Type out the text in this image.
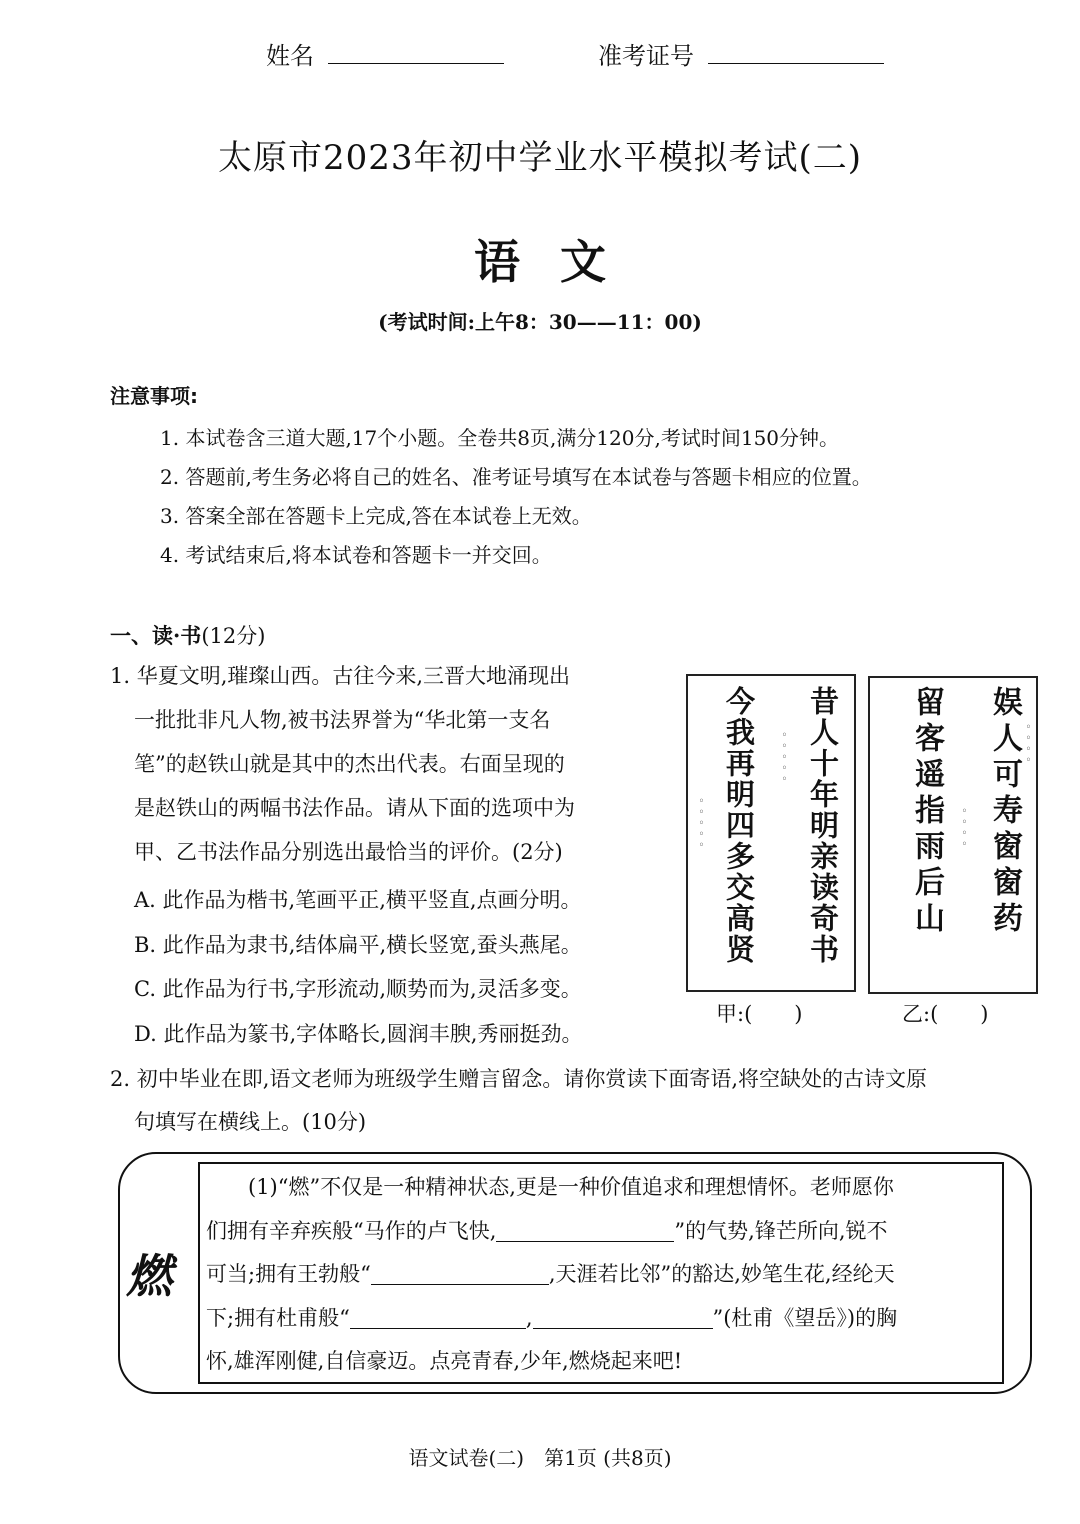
姓名	准考证号
太原市2023年初中学业水平模拟考试(二)
语文
(考试时间:上午8：30——11：00)
注意事项:
1. 本试卷含三道大题,17个小题。全卷共8页,满分120分,考试时间150分钟。
2. 答题前,考生务必将自己的姓名、准考证号填写在本试卷与答题卡相应的位置。
3. 答案全部在答题卡上完成,答在本试卷上无效。
4. 考试结束后,将本试卷和答题卡一并交回。
一、读·书(12分)

1. 华夏文明,璀璨山西。古往今来,三晋大地涌现出

一批批非凡人物,被书法界誉为“华北第一支名

笔”的赵铁山就是其中的杰出代表。右面呈现的

是赵铁山的两幅书法作品。请从下面的选项中为

甲、乙书法作品分别选出最恰当的评价。(2分)

A. 此作品为楷书,笔画平正,横平竖直,点画分明。
B. 此作品为隶书,结体扁平,横长竖宽,蚕头燕尾。
C. 此作品为行书,字形流动,顺势而为,灵活多变。
D. 此作品为篆书,字体略长,圆润丰腴,秀丽挺劲。
昔人十年明亲读奇书
今我再明四多交高贤 ◦◦◦◦◦
◦◦◦◦◦
甲:(　　)
娱人可寿窗窗药
留客遥指雨后山	◦◦◦◦
◦◦◦◦
乙:(　　)

2. 初中毕业在即,语文老师为班级学生赠言留念。请你赏读下面寄语,将空缺处的古诗文原

句填写在横线上。(10分)

燃

(1)“燃”不仅是一种精神状态,更是一种价值追求和理想情怀。老师愿你

们拥有辛弃疾般“马作的卢飞快,	”的气势,锋芒所向,锐不

可当;拥有王勃般“	,天涯若比邻”的豁达,妙笔生花,经纶天

下;拥有杜甫般“	,	”(杜甫《望岳》)的胸

怀,雄浑刚健,自信豪迈。点亮青春,少年,燃烧起来吧!

语文试卷(二)　第1页 (共8页)
